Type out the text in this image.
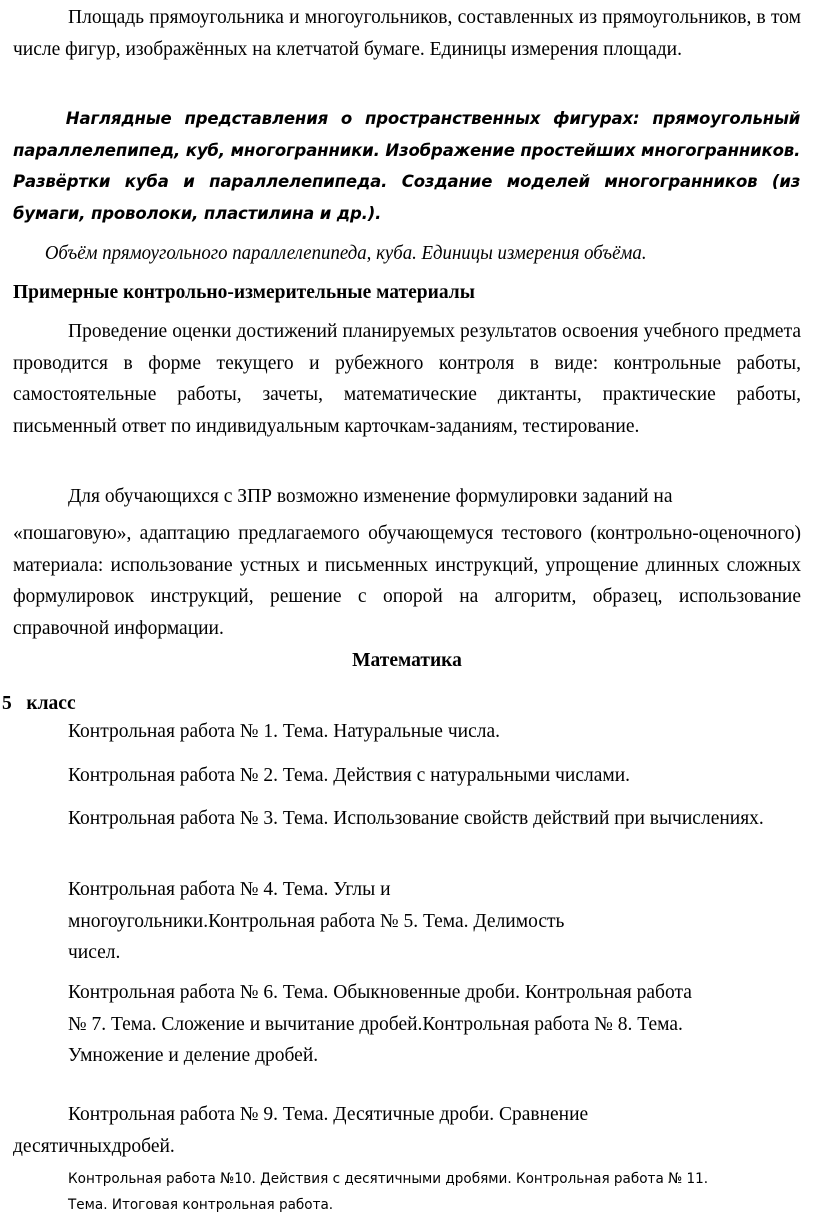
Площадь прямоугольника и многоугольников, составленных из прямоугольников, в том числе фигур, изображённых на клетчатой бумаге. Единицы измерения площади.

Наглядные представления о пространственных фигурах: прямоугольный параллелепипед, куб, многогранники. Изображение простейших многогранников. Развёртки куба и параллелепипеда. Создание моделей многогранников (из бумаги, проволоки, пластилина и др.).

Объём прямоугольного параллелепипеда, куба. Единицы измерения объёма.

Примерные контрольно-измерительные материалы

Проведение оценки достижений планируемых результатов освоения учебного предмета проводится в форме текущего и рубежного контроля в виде: контрольные работы, самостоятельные работы, зачеты, математические диктанты, практические работы, письменный ответ по индивидуальным карточкам-заданиям, тестирование.

Для обучающихся с ЗПР возможно изменение формулировки заданий на

«пошаговую», адаптацию предлагаемого обучающемуся тестового (контрольно-оценочного) материала: использование устных и письменных инструкций, упрощение длинных сложных формулировок инструкций, решение с опорой на алгоритм, образец, использование справочной информации.

Математика
5   класс

Контрольная работа № 1. Тема. Натуральные числа.

Контрольная работа № 2. Тема. Действия с натуральными числами.

Контрольная работа № 3. Тема. Использование свойств действий при вычислениях.

Контрольная работа № 4. Тема. Углы и многоугольники.Контрольная работа № 5. Тема. Делимость чисел.

Контрольная работа № 6. Тема. Обыкновенные дроби. Контрольная работа № 7. Тема. Сложение и вычитание дробей.Контрольная работа № 8. Тема. Умножение и деление дробей.

Контрольная работа № 9. Тема. Десятичные дроби. Сравнение десятичныхдробей.

Контрольная работа №10. Действия с десятичными дробями. Контрольная работа № 11. Тема. Итоговая контрольная работа.
